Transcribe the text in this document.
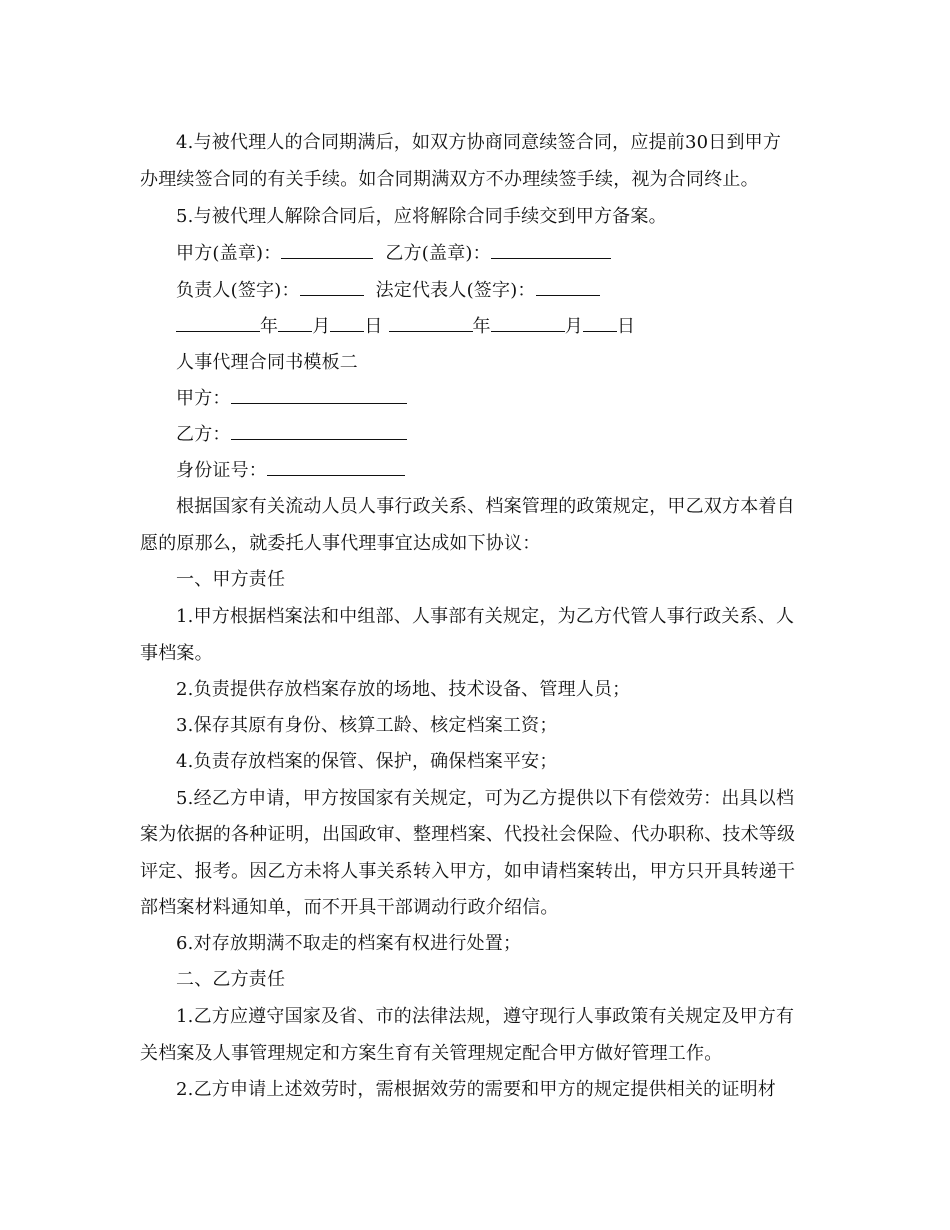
4.与被代理人的合同期满后，如双方协商同意续签合同，应提前30日到甲方
办理续签合同的有关手续。如合同期满双方不办理续签手续，视为合同终止。
5.与被代理人解除合同后，应将解除合同手续交到甲方备案。
甲方(盖章)：	乙方(盖章)：
负责人(签字)：	法定代表人(签字)：
年 月 日	年	月 日
人事代理合同书模板二
甲方：
乙方：
身份证号：
根据国家有关流动人员人事行政关系、档案管理的政策规定，甲乙双方本着自
愿的原那么，就委托人事代理事宜达成如下协议：
一、甲方责任
1.甲方根据档案法和中组部、人事部有关规定，为乙方代管人事行政关系、人
事档案。
2.负责提供存放档案存放的场地、技术设备、管理人员；
3.保存其原有身份、核算工龄、核定档案工资；
4.负责存放档案的保管、保护，确保档案平安；
5.经乙方申请，甲方按国家有关规定，可为乙方提供以下有偿效劳：出具以档
案为依据的各种证明，出国政审、整理档案、代投社会保险、代办职称、技术等级
评定、报考。因乙方未将人事关系转入甲方，如申请档案转出，甲方只开具转递干
部档案材料通知单，而不开具干部调动行政介绍信。
6.对存放期满不取走的档案有权进行处置；
二、乙方责任
1.乙方应遵守国家及省、市的法律法规，遵守现行人事政策有关规定及甲方有
关档案及人事管理规定和方案生育有关管理规定配合甲方做好管理工作。
2.乙方申请上述效劳时，需根据效劳的需要和甲方的规定提供相关的证明材
